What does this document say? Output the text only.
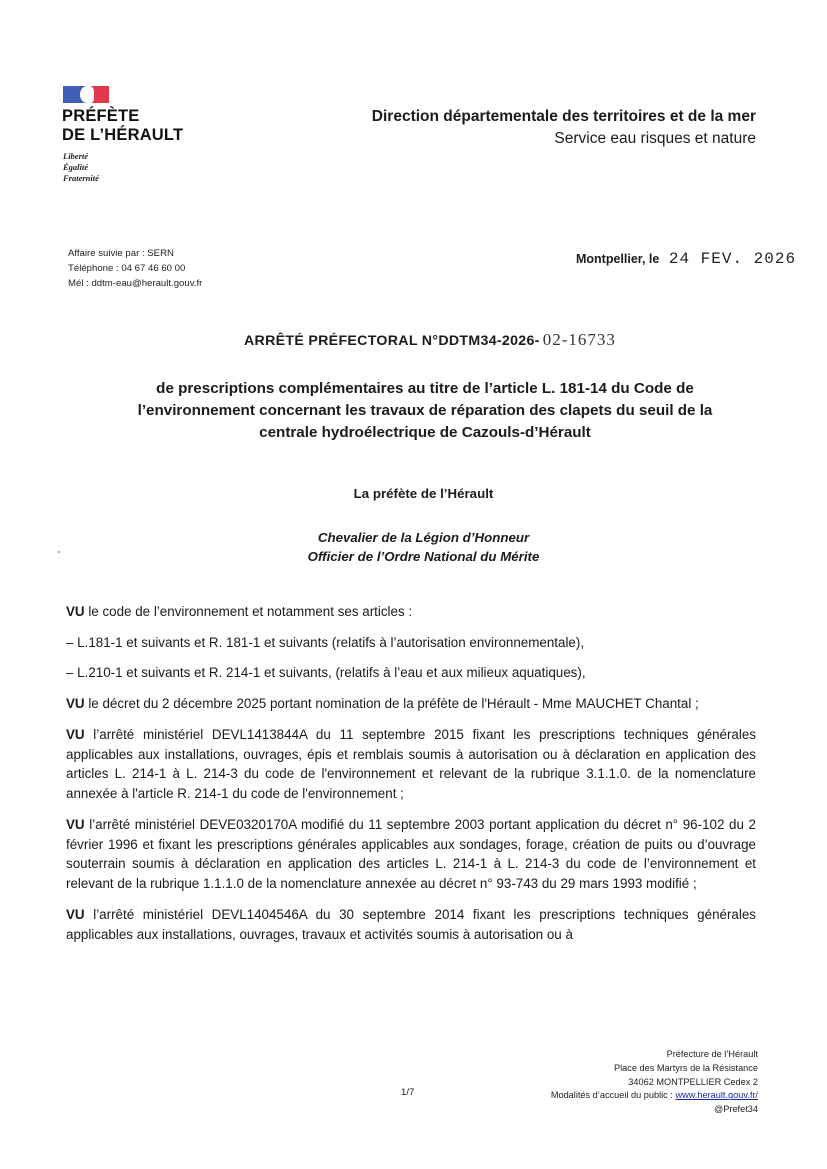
PRÉFÈTE
DE L’HÉRAULT
Liberté
Égalité
Fraternité
Direction départementale des territoires et de la mer
Service eau risques et nature
Affaire suivie par : SERN
Téléphone : 04 67 46 60 00
Mél : ddtm-eau@herault.gouv.fr
Montpellier, le 24 FEV. 2026
ARRÊTÉ PRÉFECTORAL N°DDTM34-2026- 02-16733
de prescriptions complémentaires au titre de l’article L. 181-14 du Code de
l’environnement concernant les travaux de réparation des clapets du seuil de la
centrale hydroélectrique de Cazouls-d’Hérault
La préfète de l’Hérault
Chevalier de la Légion d’Honneur
Officier de l’Ordre National du Mérite

VU le code de l’environnement et notamment ses articles :

– L.181-1 et suivants et R. 181-1 et suivants (relatifs à l’autorisation environnementale),

– L.210-1 et suivants et R. 214-1 et suivants, (relatifs à l’eau et aux milieux aquatiques),

VU le décret du 2 décembre 2025 portant nomination de la préfète de l'Hérault - Mme MAUCHET Chantal ;

VU l’arrêté ministériel DEVL1413844A du 11 septembre 2015 fixant les prescriptions techniques générales applicables aux installations, ouvrages, épis et remblais soumis à autorisation ou à déclaration en application des articles L. 214-1 à L. 214-3 du code de l'environnement et relevant de la rubrique 3.1.1.0. de la nomenclature annexée à l'article R. 214-1 du code de l'environnement ;

VU l’arrêté ministériel DEVE0320170A modifié du 11 septembre 2003 portant application du décret n° 96-102 du 2 février 1996 et fixant les prescriptions générales applicables aux sondages, forage, création de puits ou d’ouvrage souterrain soumis à déclaration en application des articles L. 214-1 à L. 214-3 du code de l’environnement et relevant de la rubrique 1.1.1.0 de la nomenclature annexée au décret n° 93-743 du 29 mars 1993 modifié ;

VU l’arrêté ministériel DEVL1404546A du 30 septembre 2014 fixant les prescriptions techniques générales applicables aux installations, ouvrages, travaux et activités soumis à autorisation ou à

1/7
Préfecture de l’Hérault
Place des Martyrs de la Résistance
34062 MONTPELLIER Cedex 2
Modalités d’accueil du public : www.herault.gouv.fr/
@Prefet34
